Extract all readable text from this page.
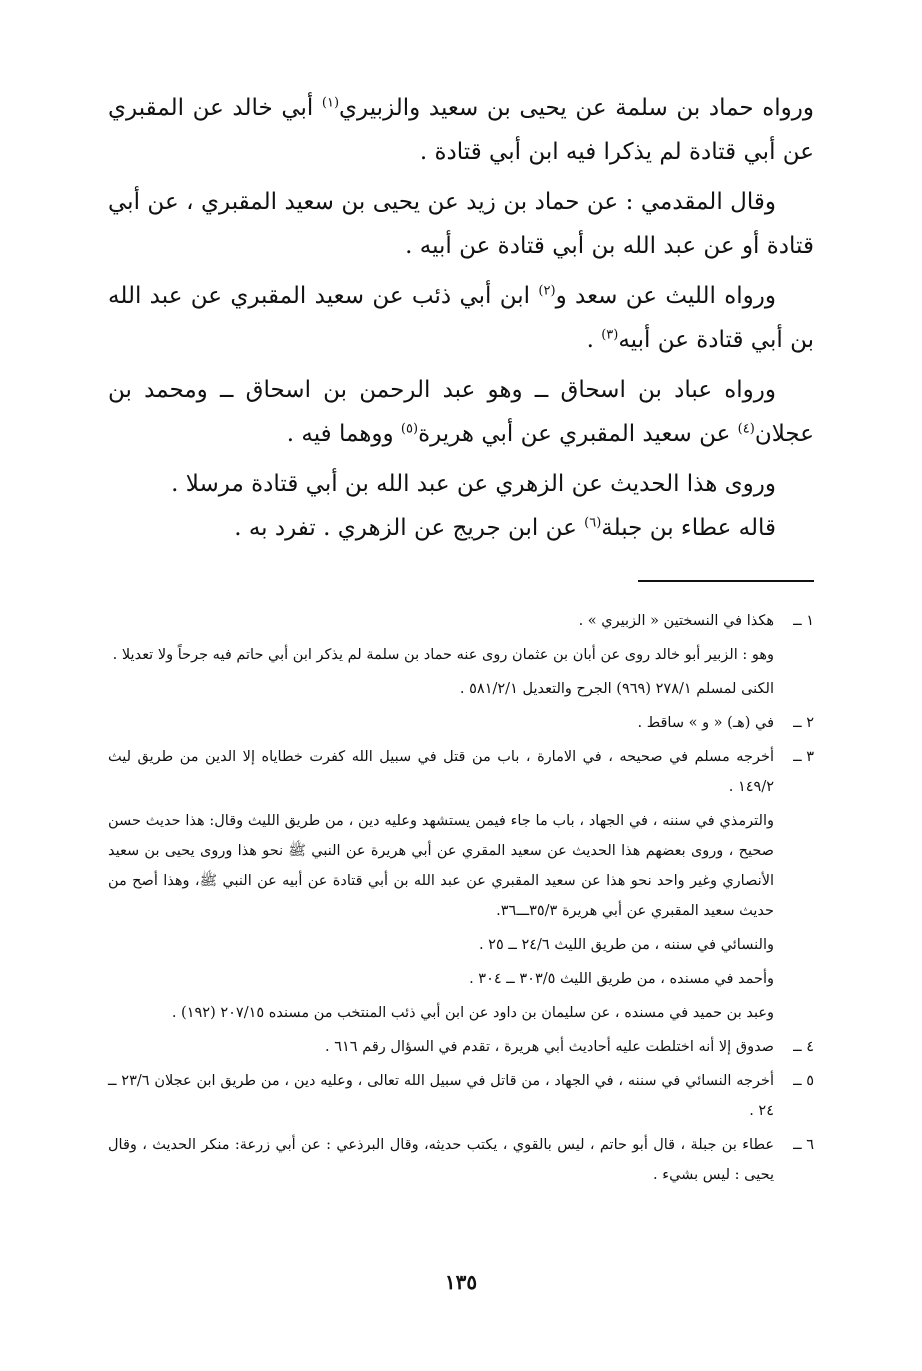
ورواه حماد بن سلمة عن يحيى بن سعيد والزبيري$^{(١)}$ أبي خالد عن المقبري عن أبي قتادة لم يذكرا فيه ابن أبي قتادة .

وقال المقدمي : عن حماد بن زيد عن يحيى بن سعيد المقبري ، عن أبي قتادة أو عن عبد الله بن أبي قتادة عن أبيه .

ورواه الليث عن سعد و$^{(٢)}$ ابن أبي ذئب عن سعيد المقبري عن عبد الله بن أبي قتادة عن أبيه$^{(٣)}$ .

ورواه عباد بن اسحاق ــ وهو عبد الرحمن بن اسحاق ــ ومحمد بن عجلان$^{(٤)}$ عن سعيد المقبري عن أبي هريرة$^{(٥)}$ ووهما فيه .

وروى هذا الحديث عن الزهري عن عبد الله بن أبي قتادة مرسلا .

قاله عطاء بن جبلة$^{(٦)}$ عن ابن جريج عن الزهري . تفرد به .

١ ــ

هكذا في النسختين « الزبيري » .

وهو : الزبير أبو خالد روى عن أبان بن عثمان روى عنه حماد بن سلمة لم يذكر ابن أبي حاتم فيه جرحاً ولا تعديلا .

الكنى لمسلم ٢٧٨/١ (٩٦٩) الجرح والتعديل ٥٨١/٢/١ .

٢ ــ

في (هـ) « و » ساقط .

٣ ــ

أخرجه مسلم في صحيحه ، في الامارة ، باب من قتل في سبيل الله كفرت خطاياه إلا الدين من طريق ليث ١٤٩/٢ .

والترمذي في سننه ، في الجهاد ، باب ما جاء فيمن يستشهد وعليه دين ، من طريق الليث وقال: هذا حديث حسن صحيح ، وروى بعضهم هذا الحديث عن سعيد المقري عن أبي هريرة عن النبي ﷺ نحو هذا وروى يحيى بن سعيد الأنصاري وغير واحد نحو هذا عن سعيد المقبري عن عبد الله بن أبي قتادة عن أبيه عن النبي ﷺ، وهذا أصح من حديث سعيد المقبري عن أبي هريرة ٣٥/٣ـــ٣٦.

والنسائي في سننه ، من طريق الليث ٢٤/٦ ــ ٢٥ .

وأحمد في مسنده ، من طريق الليث ٣٠٣/٥ ــ ٣٠٤ .

وعبد بن حميد في مسنده ، عن سليمان بن داود عن ابن أبي ذئب المنتخب من مسنده ٢٠٧/١٥ (١٩٢) .

٤ ــ

صدوق إلا أنه اختلطت عليه أحاديث أبي هريرة ، تقدم في السؤال رقم ٦١٦ .

٥ ــ

أخرجه النسائي في سننه ، في الجهاد ، من قاتل في سبيل الله تعالى ، وعليه دين ، من طريق ابن عجلان ٢٣/٦ ــ ٢٤ .

٦ ــ

عطاء بن جبلة ، قال أبو حاتم ، ليس بالقوي ، يكتب حديثه، وقال البرذعي : عن أبي زرعة: منكر الحديث ، وقال يحيى : ليس بشيء .

١٣٥
